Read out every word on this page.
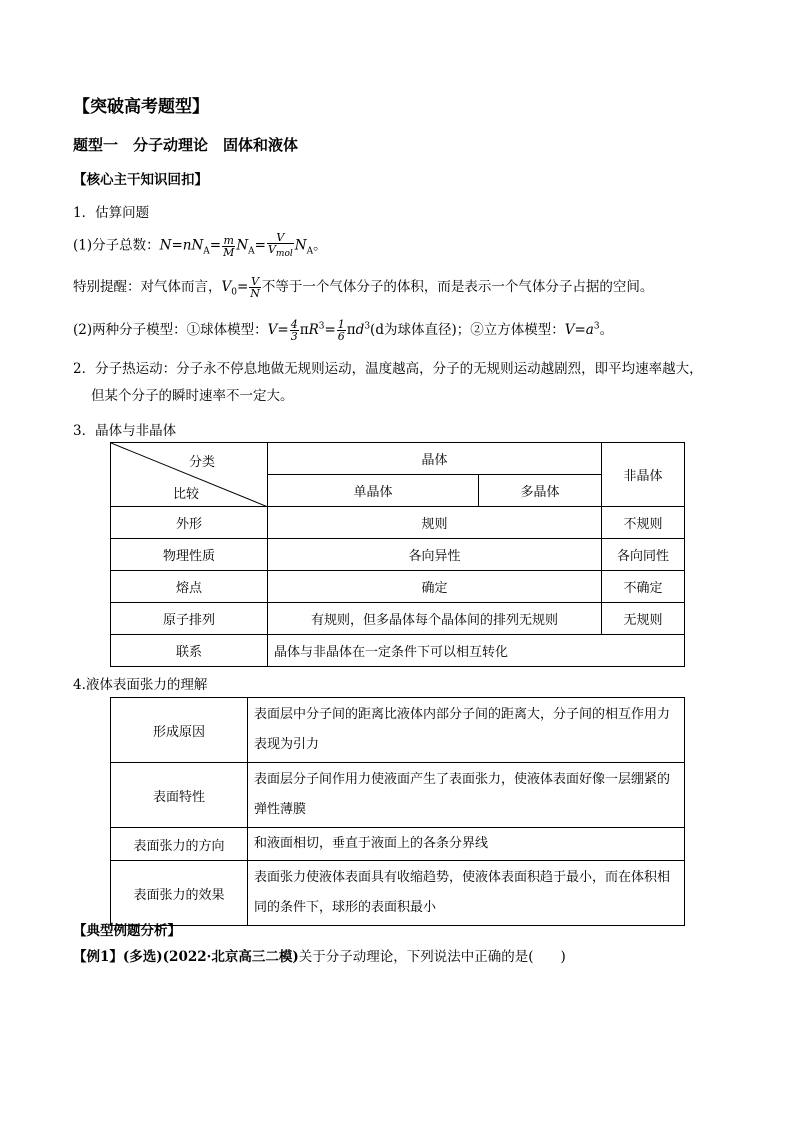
【突破高考题型】
题型一　分子动理论　固体和液体
【核心主干知识回扣】
1．估算问题
(1)分子总数：$N=nN_A= \frac{m}{M} N_A= \frac{V}{V_{mol}} N_A$。
特别提醒：对气体而言，$V_0= \frac{V}{N}$ 不等于一个气体分子的体积，而是表示一个气体分子占据的空间。
(2)两种分子模型：①球体模型：$V= \frac{4}{3} \pi R^3= \frac{1}{6} \pi d^3(d$为球体直径)；②立方体模型：$V=a^3$。
2．分子热运动：分子永不停息地做无规则运动，温度越高，分子的无规则运动越剧烈，即平均速率越大，
但某个分子的瞬时速率不一定大。
3．晶体与非晶体
分类
比较	晶体		非晶体
	单晶体	多晶体	
外形	规则		不规则
物理性质	各向异性		各向同性
熔点	确定		不确定
原子排列	有规则，但多晶体每个晶体间的排列无规则		无规则
联系	晶体与非晶体在一定条件下可以相互转化		
4.液体表面张力的理解
形成原因	表面层中分子间的距离比液体内部分子间的距离大，分子间的相互作用力表现为引力
表面特性	表面层分子间作用力使液面产生了表面张力，使液体表面好像一层绷紧的弹性薄膜
表面张力的方向	和液面相切，垂直于液面上的各条分界线
表面张力的效果	表面张力使液体表面具有收缩趋势，使液体表面积趋于最小，而在体积相同的条件下，球形的表面积最小
【典型例题分析】
【例1】(多选)(2022·北京高三二模)关于分子动理论，下列说法中正确的是(　　)
